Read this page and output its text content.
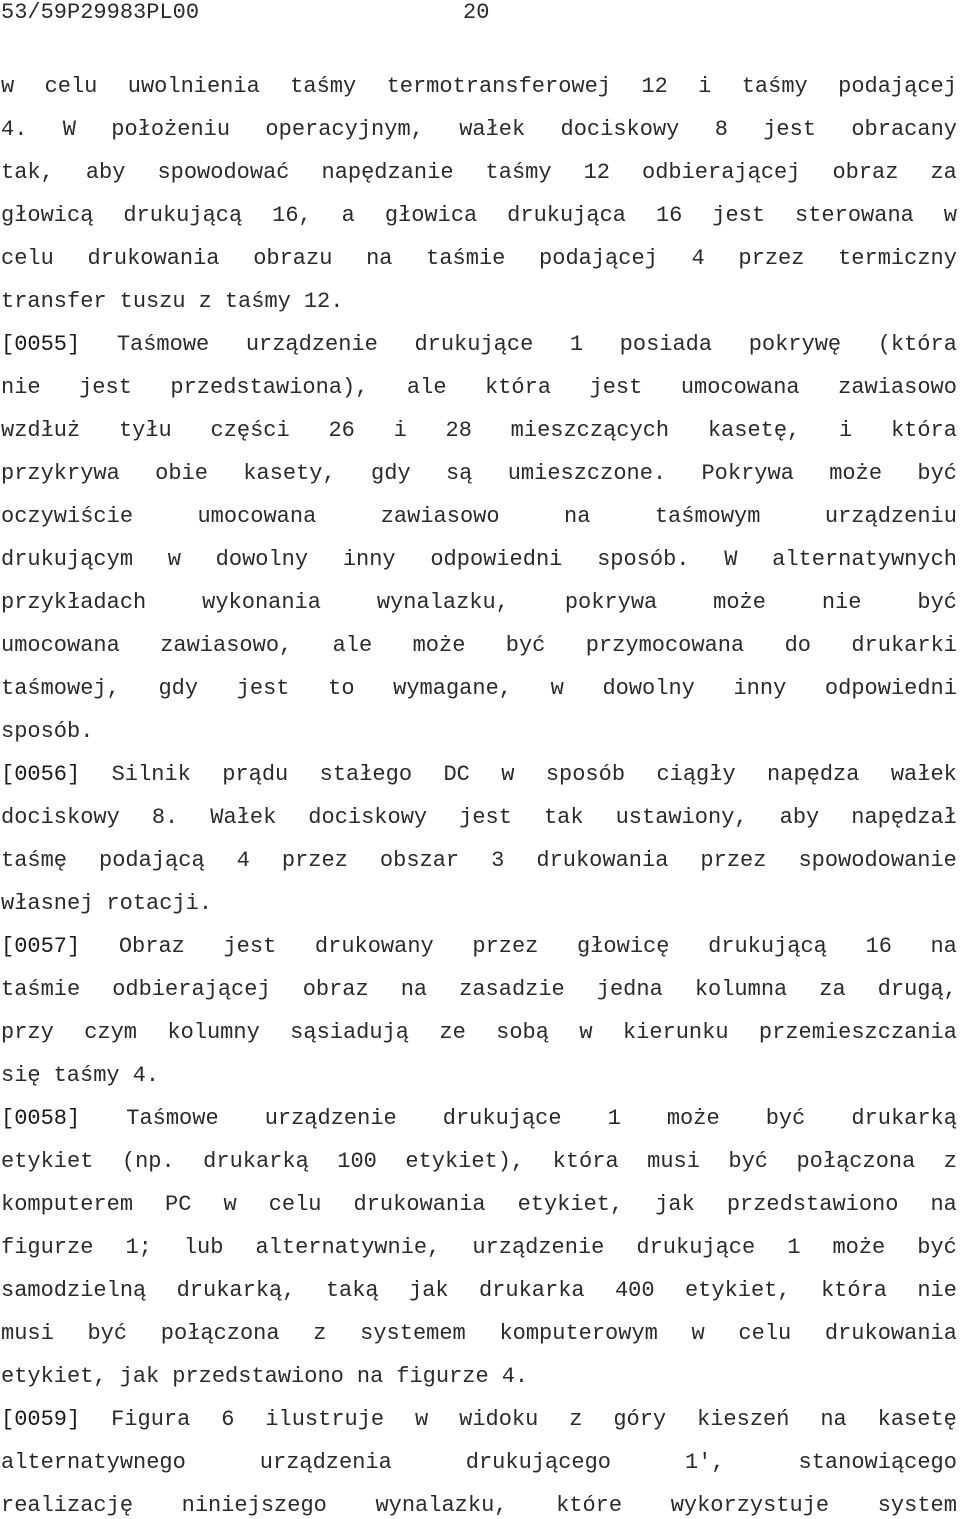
53/59P29983PL00

	20

w celu uwolnienia taśmy termotransferowej 12 i taśmy podającej
4. W położeniu operacyjnym, wałek dociskowy 8 jest obracany
tak, aby spowodować napędzanie taśmy 12 odbierającej obraz za
głowicą drukującą 16, a głowica drukująca 16 jest sterowana w
celu drukowania obrazu na taśmie podającej 4 przez termiczny
transfer tuszu z taśmy 12.
[0055] Taśmowe urządzenie drukujące 1 posiada pokrywę (która
nie jest przedstawiona), ale która jest umocowana zawiasowo
wzdłuż tyłu części 26 i 28 mieszczących kasetę, i która
przykrywa obie kasety, gdy są umieszczone. Pokrywa może być
oczywiście	umocowana	zawiasowo	na	taśmowym	urządzeniu
drukującym w dowolny inny odpowiedni sposób. W alternatywnych
przykładach	wykonania	wynalazku,	pokrywa	może	nie	być
umocowana zawiasowo, ale może być przymocowana do drukarki
taśmowej, gdy jest to wymagane, w dowolny inny odpowiedni
sposób.
[0056] Silnik prądu stałego DC w sposób ciągły napędza wałek
dociskowy 8. Wałek dociskowy jest tak ustawiony, aby napędzał
taśmę podającą 4 przez obszar 3 drukowania przez spowodowanie
własnej rotacji.
[0057] Obraz jest drukowany przez głowicę drukującą 16 na
taśmie odbierającej obraz na zasadzie jedna kolumna za drugą,
przy czym kolumny sąsiadują ze sobą w kierunku przemieszczania
się taśmy 4.
[0058] Taśmowe urządzenie drukujące 1 może być drukarką
etykiet (np. drukarką 100 etykiet), która musi być połączona z
komputerem PC w celu drukowania etykiet, jak przedstawiono na
figurze 1; lub alternatywnie, urządzenie drukujące 1 może być
samodzielną drukarką, taką jak drukarka 400 etykiet, która nie
musi być połączona z systemem komputerowym w celu drukowania
etykiet, jak przedstawiono na figurze 4.
[0059] Figura 6 ilustruje w widoku z góry kieszeń na kasetę
alternatywnego	urządzenia	drukującego	1',	stanowiącego
realizację niniejszego wynalazku, które wykorzystuje system
